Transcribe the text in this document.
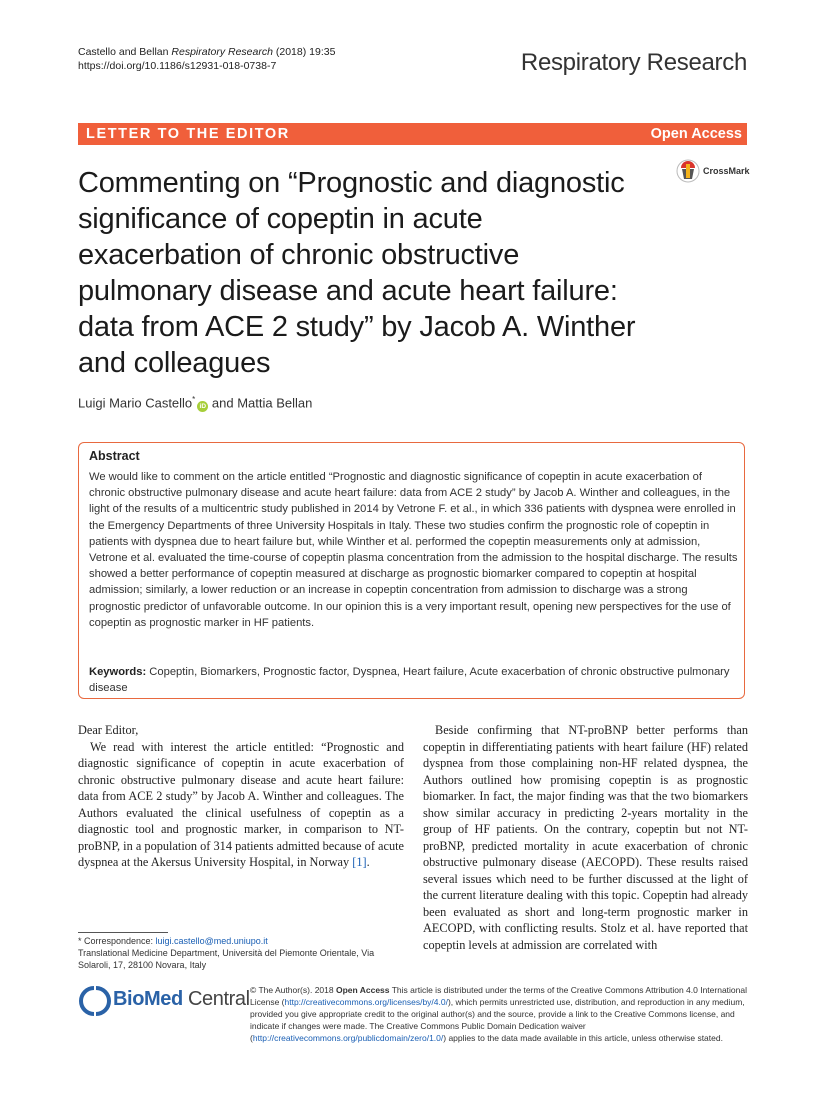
Castello and Bellan Respiratory Research (2018) 19:35
https://doi.org/10.1186/s12931-018-0738-7	Respiratory Research
LETTER TO THE EDITOR	Open Access
Commenting on “Prognostic and diagnostic
significance of copeptin in acute
exacerbation of chronic obstructive
pulmonary disease and acute heart failure:
data from ACE 2 study” by Jacob A. Winther
and colleagues
CrossMark
Luigi Mario Castello*iD and Mattia Bellan
Abstract
We would like to comment on the article entitled “Prognostic and diagnostic significance of copeptin in acute exacerbation of chronic obstructive pulmonary disease and acute heart failure: data from ACE 2 study” by Jacob A. Winther and colleagues, in the light of the results of a multicentric study published in 2014 by Vetrone F. et al., in which 336 patients with dyspnea were enrolled in the Emergency Departments of three University Hospitals in Italy. These two studies confirm the prognostic role of copeptin in patients with dyspnea due to heart failure but, while Winther et al. performed the copeptin measurements only at admission, Vetrone et al. evaluated the time-course of copeptin plasma concentration from the admission to the hospital discharge. The results showed a better performance of copeptin measured at discharge as prognostic biomarker compared to copeptin at hospital admission; similarly, a lower reduction or an increase in copeptin concentration from admission to discharge was a strong prognostic predictor of unfavorable outcome. In our opinion this is a very important result, opening new perspectives for the use of copeptin as prognostic marker in HF patients.
Keywords: Copeptin, Biomarkers, Prognostic factor, Dyspnea, Heart failure, Acute exacerbation of chronic obstructive pulmonary disease

Dear Editor,

We read with interest the article entitled: “Prognostic and diagnostic significance of copeptin in acute exacerbation of chronic obstructive pulmonary disease and acute heart failure: data from ACE 2 study” by Jacob A. Winther and colleagues. The Authors evaluated the clinical usefulness of copeptin as a diagnostic tool and prognostic marker, in comparison to NT-proBNP, in a population of 314 patients admitted because of acute dyspnea at the Akersus University Hospital, in Norway [1].

* Correspondence: luigi.castello@med.uniupo.it
Translational Medicine Department, Università del Piemonte Orientale, Via Solaroli, 17, 28100 Novara, Italy

Beside confirming that NT-proBNP better performs than copeptin in differentiating patients with heart failure (HF) related dyspnea from those complaining non-HF related dyspnea, the Authors outlined how promising copeptin is as prognostic biomarker. In fact, the major finding was that the two biomarkers show similar accuracy in predicting 2-years mortality in the group of HF patients. On the contrary, copeptin but not NT-proBNP, predicted mortality in acute exacerbation of chronic obstructive pulmonary disease (AECOPD). These results raised several issues which need to be further discussed at the light of the current literature dealing with this topic. Copeptin had already been evaluated as short and long-term prognostic marker in AECOPD, with conflicting results. Stolz et al. have reported that copeptin levels at admission are correlated with

BioMed Central © The Author(s). 2018 Open Access This article is distributed under the terms of the Creative Commons Attribution 4.0 International License (http://creativecommons.org/licenses/by/4.0/), which permits unrestricted use, distribution, and reproduction in any medium, provided you give appropriate credit to the original author(s) and the source, provide a link to the Creative Commons license, and indicate if changes were made. The Creative Commons Public Domain Dedication waiver (http://creativecommons.org/publicdomain/zero/1.0/) applies to the data made available in this article, unless otherwise stated.
